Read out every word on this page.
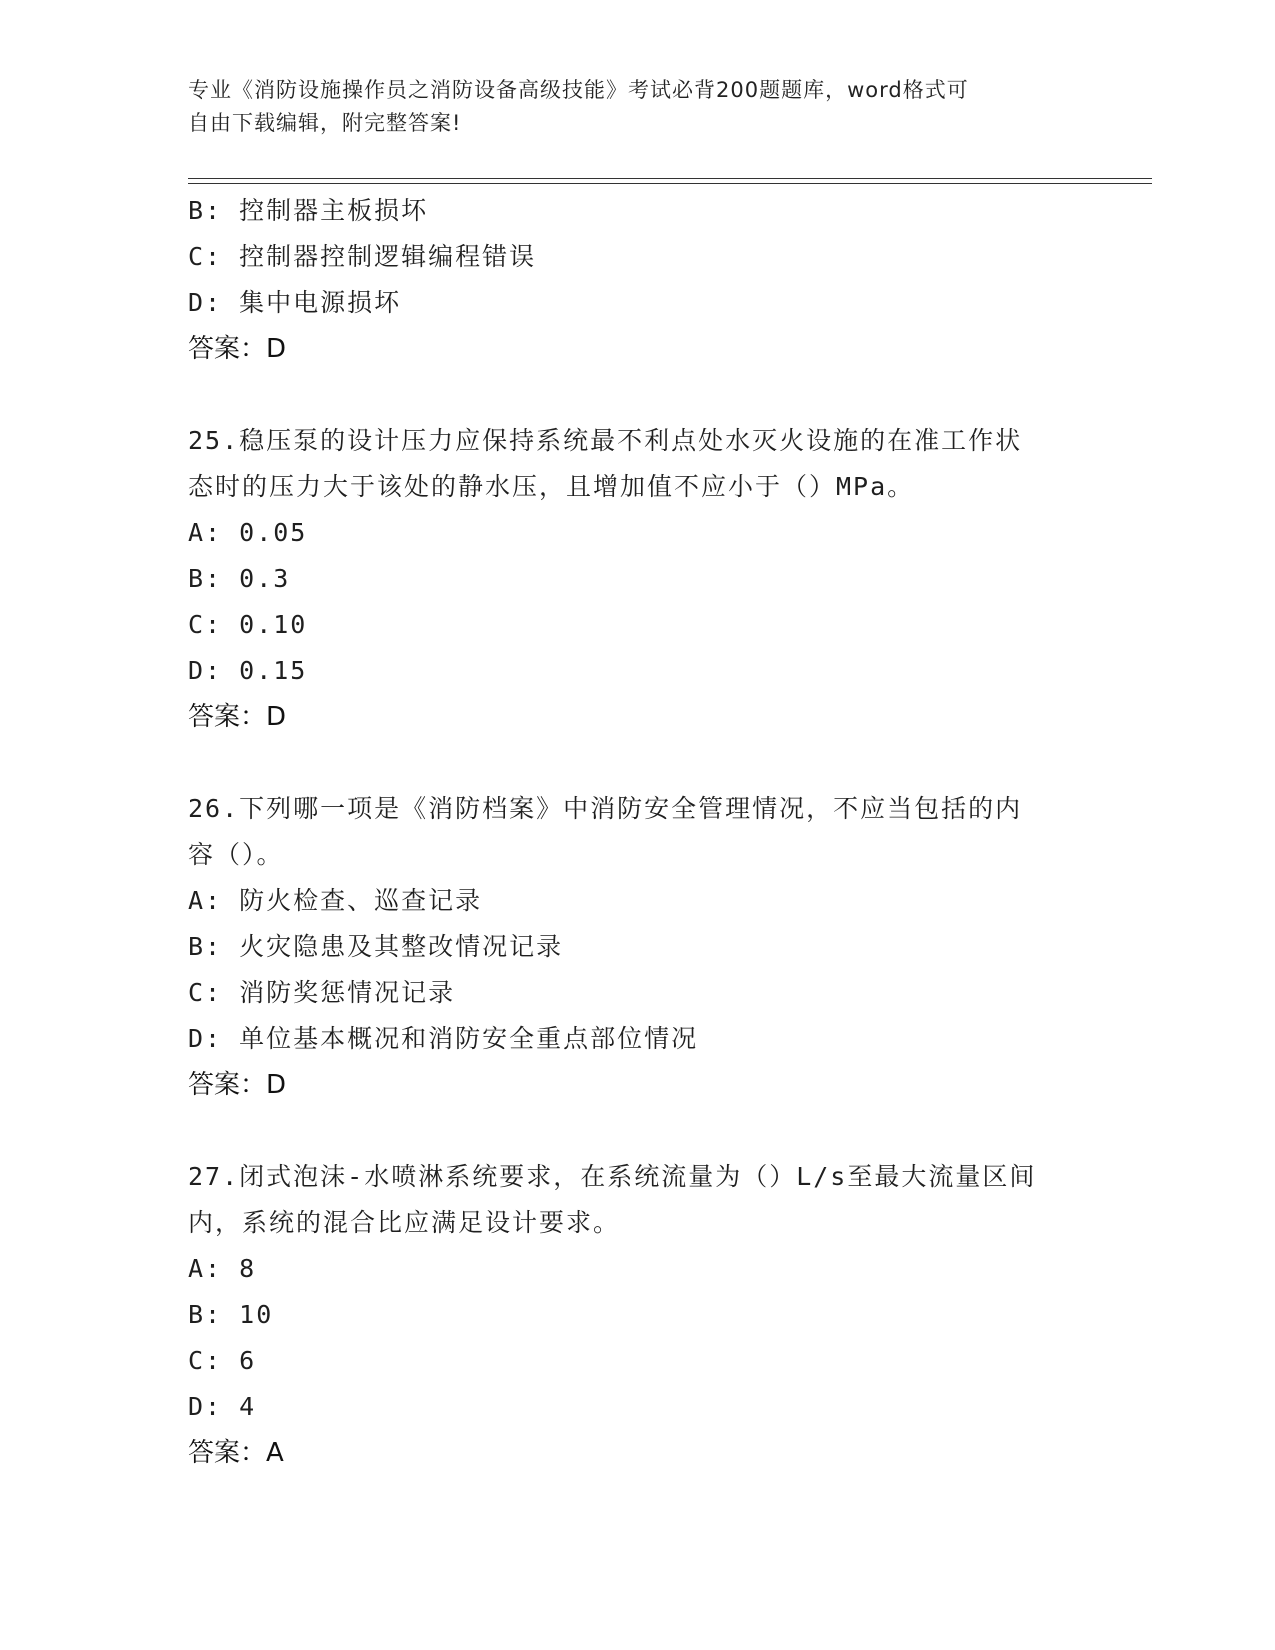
专业《消防设施操作员之消防设备高级技能》考试必背200题题库，word格式可
自由下载编辑，附完整答案!
B: 控制器主板损坏
C: 控制器控制逻辑编程错误
D: 集中电源损坏
答案：D
25.稳压泵的设计压力应保持系统最不利点处水灭火设施的在准工作状
态时的压力大于该处的静水压，且增加值不应小于（）MPa。
A: 0.05
B: 0.3
C: 0.10
D: 0.15
答案：D
26.下列哪一项是《消防档案》中消防安全管理情况，不应当包括的内
容（）。
A: 防火检查、巡查记录
B: 火灾隐患及其整改情况记录
C: 消防奖惩情况记录
D: 单位基本概况和消防安全重点部位情况
答案：D
27.闭式泡沫-水喷淋系统要求，在系统流量为（）L/s至最大流量区间
内，系统的混合比应满足设计要求。
A: 8
B: 10
C: 6
D: 4
答案：A
